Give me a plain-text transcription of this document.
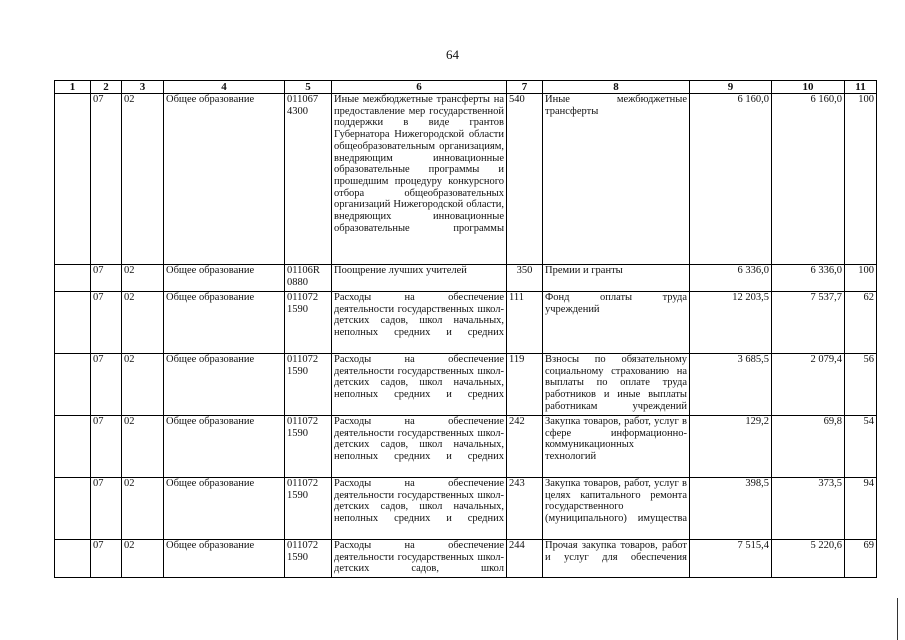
64
1	2	3	4	5	6	7	8	9	10	11
	07	02	Общее образование	011067 4300	Иные межбюджетные трансферты на предоставление мер государственной поддержки в виде грантов Губернатора Нижегородской области общеобразовательным организациям, внедряющим инновационные образовательные программы и прошедшим процедуру конкурсного отбора общеобразовательных организаций Нижегородской области, внедряющих инновационные образовательные программы	540	Иные межбюджетные трансферты	6 160,0	6 160,0	100
	07	02	Общее образование	01106R 0880	Поощрение лучших учителей	350	Премии и гранты	6 336,0	6 336,0	100
	07	02	Общее образование	011072 1590	Расходы на обеспечение деятельности государственных школ-детских садов, школ начальных, неполных средних и средних	111	Фонд оплаты труда учреждений	12 203,5	7 537,7	62
	07	02	Общее образование	011072 1590	Расходы на обеспечение деятельности государственных школ-детских садов, школ начальных, неполных средних и средних	119	Взносы по обязательному социальному страхованию на выплаты по оплате труда работников и иные выплаты работникам учреждений	3 685,5	2 079,4	56
	07	02	Общее образование	011072 1590	Расходы на обеспечение деятельности государственных школ-детских садов, школ начальных, неполных средних и средних	242	Закупка товаров, работ, услуг в сфере информационно-коммуникационных технологий	129,2	69,8	54
	07	02	Общее образование	011072 1590	Расходы на обеспечение деятельности государственных школ-детских садов, школ начальных, неполных средних и средних	243	Закупка товаров, работ, услуг в целях капитального ремонта государственного (муниципального) имущества	398,5	373,5	94
	07	02	Общее образование	011072 1590	Расходы на обеспечение деятельности государственных школ-детских садов, школ	244	Прочая закупка товаров, работ и услуг для обеспечения	7 515,4	5 220,6	69
